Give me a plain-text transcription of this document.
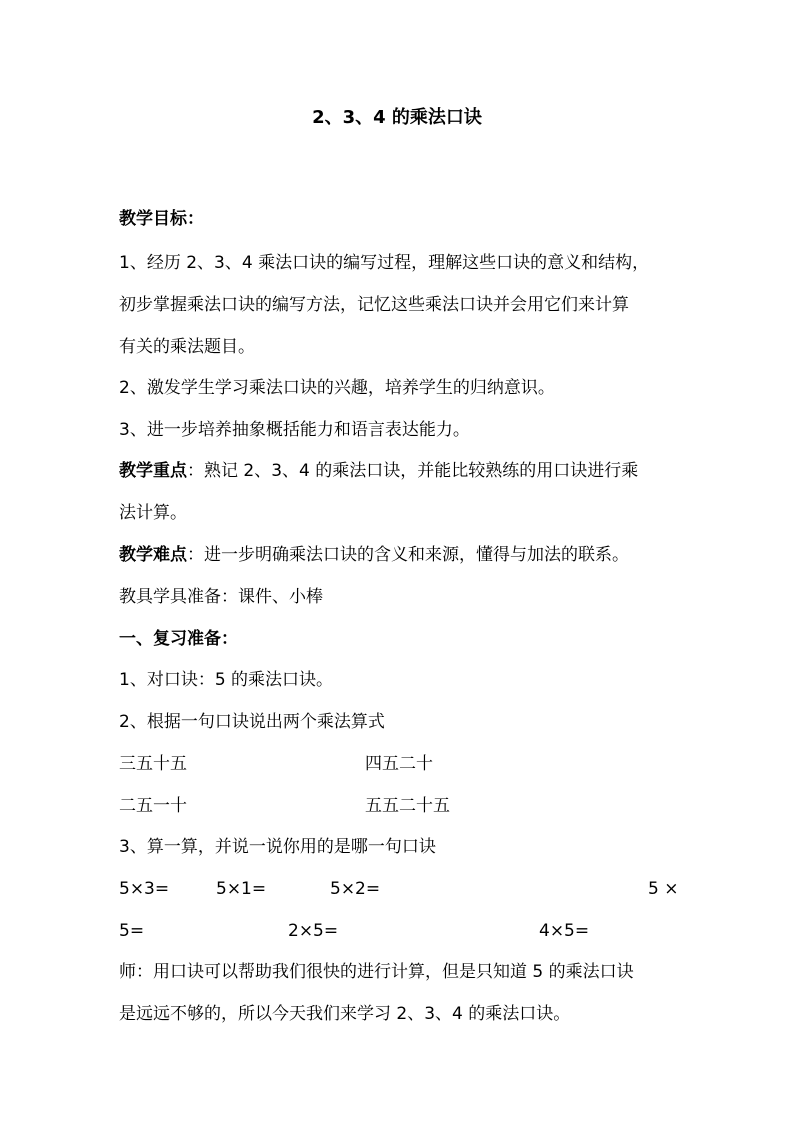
2、3、4 的乘法口诀
教学目标：
1、经历 2、3、4 乘法口诀的编写过程，理解这些口诀的意义和结构，
初步掌握乘法口诀的编写方法，记忆这些乘法口诀并会用它们来计算
有关的乘法题目。
2、激发学生学习乘法口诀的兴趣，培养学生的归纳意识。
3、进一步培养抽象概括能力和语言表达能力。
教学重点：熟记 2、3、4 的乘法口诀，并能比较熟练的用口诀进行乘
法计算。
教学难点：进一步明确乘法口诀的含义和来源，懂得与加法的联系。
教具学具准备：课件、小棒
一、复习准备：
1、对口诀：5 的乘法口诀。
2、根据一句口诀说出两个乘法算式
三五十五	四五二十
二五一十	五五二十五
3、算一算，并说一说你用的是哪一句口诀
5×3=	5×1=	5×2=	5 ×
5=	2×5=	4×5=
师：用口诀可以帮助我们很快的进行计算，但是只知道 5 的乘法口诀
是远远不够的，所以今天我们来学习 2、3、4 的乘法口诀。
